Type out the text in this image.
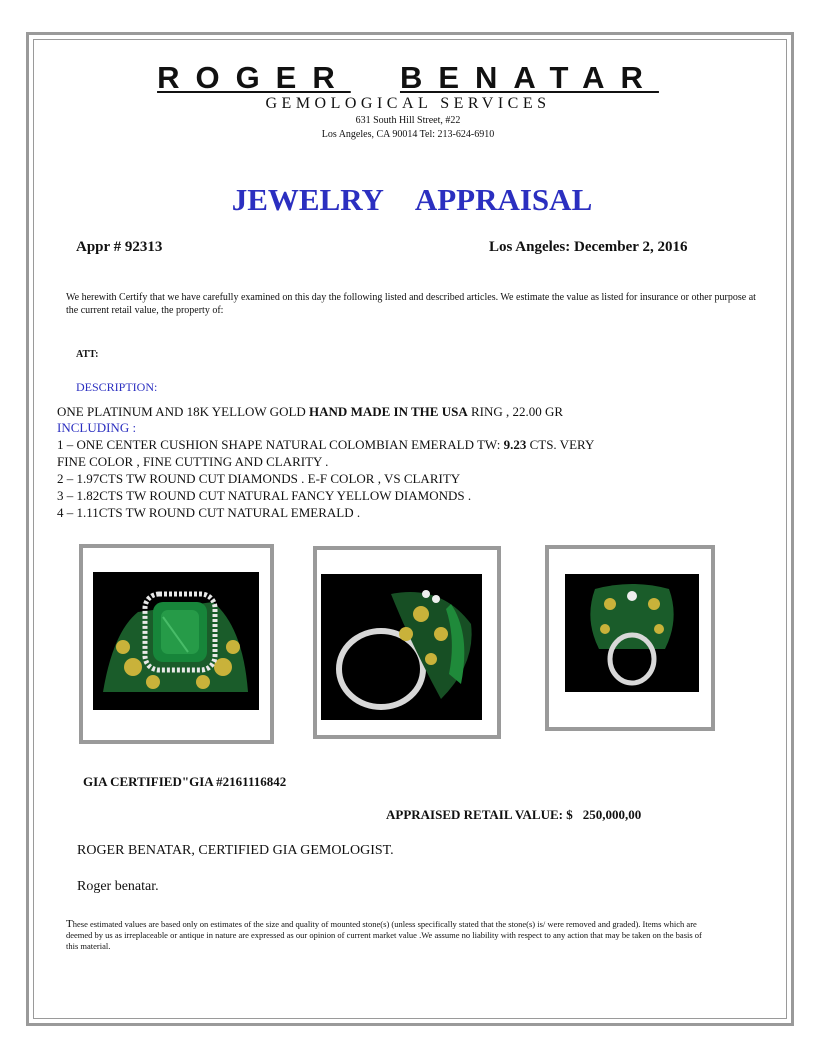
ROGER BENATAR
GEMOLOGICAL SERVICES
631 South Hill Street, #22
Los Angeles, CA 90014 Tel: 213-624-6910
JEWELRY APPRAISAL
Appr # 92313	Los Angeles: December 2, 2016
We herewith Certify that we have carefully examined on this day the following listed and described articles. We estimate the value as listed for insurance or other purpose at the current retail value, the property of:
ATT:
DESCRIPTION:
ONE PLATINUM AND 18K YELLOW GOLD HAND MADE IN THE USA RING , 22.00 GR
INCLUDING :
1 – ONE CENTER CUSHION SHAPE NATURAL COLOMBIAN EMERALD TW: 9.23 CTS. VERY
FINE COLOR , FINE CUTTING AND CLARITY .
2 – 1.97CTS TW ROUND CUT DIAMONDS . E-F COLOR , VS CLARITY
3 – 1.82CTS TW ROUND CUT NATURAL FANCY YELLOW DIAMONDS .
4 – 1.11CTS TW ROUND CUT NATURAL EMERALD .
GIA CERTIFIED"GIA #2161116842
APPRAISED RETAIL VALUE: $ 250,000,00
ROGER BENATAR, CERTIFIED GIA GEMOLOGIST.
Roger benatar.
These estimated values are based only on estimates of the size and quality of mounted stone(s) (unless specifically stated that the stone(s) is/ were removed and graded). Items which are deemed by us as irreplaceable or antique in nature are expressed as our opinion of current market value .We assume no liability with respect to any action that may be taken on the basis of this material.
